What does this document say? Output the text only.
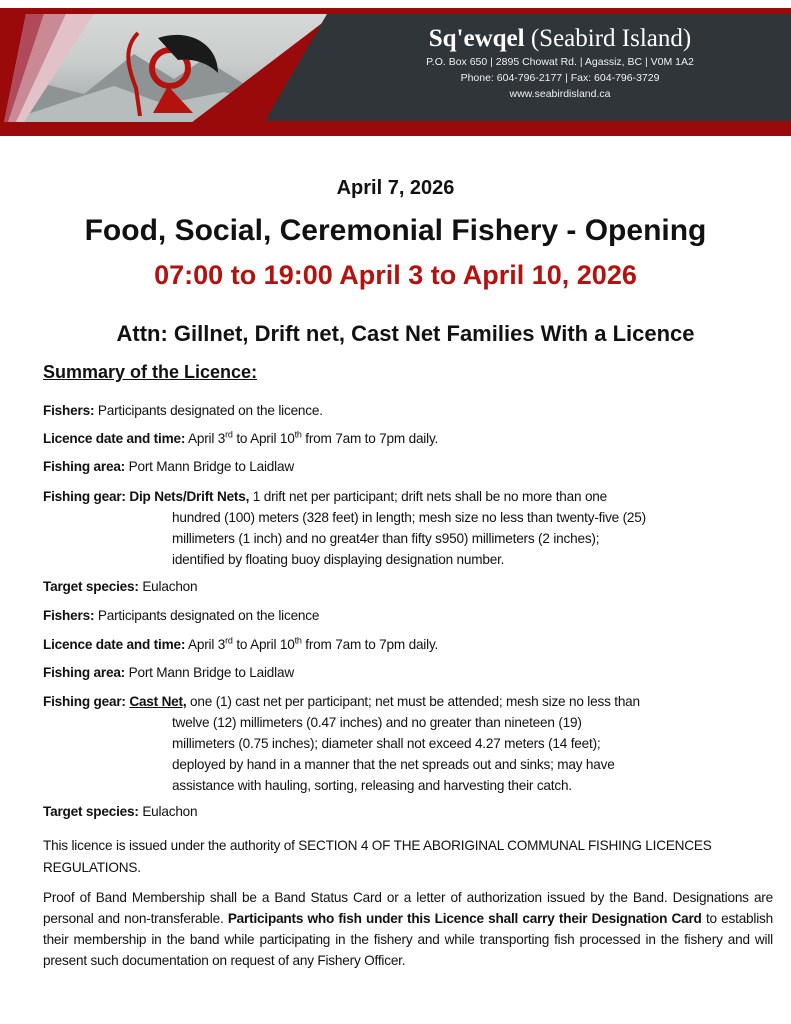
Sq'ewqel (Seabird Island)
P.O. Box 650 | 2895 Chowat Rd. | Agassiz, BC | V0M 1A2
Phone: 604-796-2177 | Fax: 604-796-3729
www.seabirdisland.ca
April 7, 2026
Food, Social, Ceremonial Fishery - Opening
07:00 to 19:00 April 3 to April 10, 2026
Attn: Gillnet, Drift net, Cast Net Families With a Licence
Summary of the Licence:
Fishers: Participants designated on the licence.
Licence date and time: April 3rd to April 10th from 7am to 7pm daily.
Fishing area: Port Mann Bridge to Laidlaw
Fishing gear: Dip Nets/Drift Nets, 1 drift net per participant; drift nets shall be no more than one
hundred (100) meters (328 feet) in length; mesh size no less than twenty-five (25)
millimeters (1 inch) and no great4er than fifty s950) millimeters (2 inches);
identified by floating buoy displaying designation number.
Target species: Eulachon
Fishers: Participants designated on the licence
Licence date and time: April 3rd to April 10th from 7am to 7pm daily.
Fishing area: Port Mann Bridge to Laidlaw
Fishing gear: Cast Net, one (1) cast net per participant; net must be attended; mesh size no less than
twelve (12) millimeters (0.47 inches) and no greater than nineteen (19)
millimeters (0.75 inches); diameter shall not exceed 4.27 meters (14 feet);
deployed by hand in a manner that the net spreads out and sinks; may have
assistance with hauling, sorting, releasing and harvesting their catch.
Target species: Eulachon
This licence is issued under the authority of SECTION 4 OF THE ABORIGINAL COMMUNAL FISHING LICENCES REGULATIONS.
Proof of Band Membership shall be a Band Status Card or a letter of authorization issued by the Band. Designations are personal and non-transferable. Participants who fish under this Licence shall carry their Designation Card to establish their membership in the band while participating in the fishery and while transporting fish processed in the fishery and will present such documentation on request of any Fishery Officer.
